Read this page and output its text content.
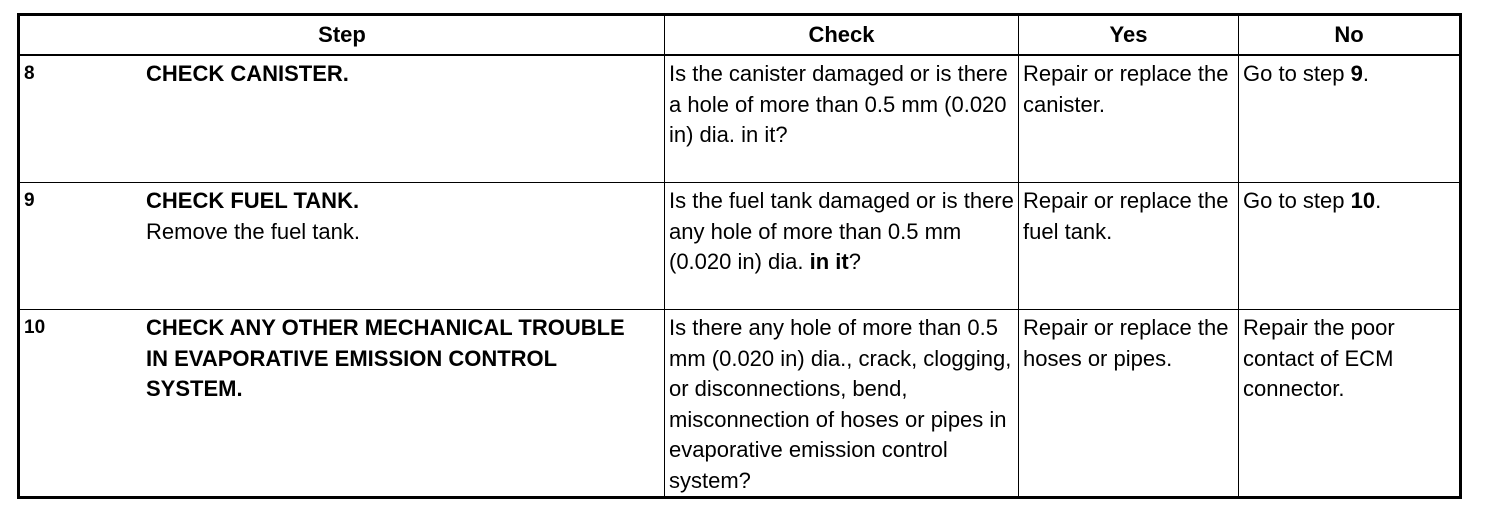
Step	Check	Yes	No

8 CHECK CANISTER.	Is the canister damaged or is there a hole of more than 0.5 mm (0.020 in) dia. in it?	Repair or replace the canister.	Go to step 9.

9 CHECK FUEL TANK.
Remove the fuel tank.	Is the fuel tank damaged or is there any hole of more than 0.5 mm (0.020 in) dia. in it?	Repair or replace the fuel tank.	Go to step 10.

10 CHECK ANY OTHER MECHANICAL TROUBLE IN EVAPORATIVE EMISSION CONTROL SYSTEM.	Is there any hole of more than 0.5 mm (0.020 in) dia., crack, clogging, or disconnections, bend, misconnection of hoses or pipes in evaporative emission control system?	Repair or replace the hoses or pipes.	Repair the poor contact of ECM connector.
